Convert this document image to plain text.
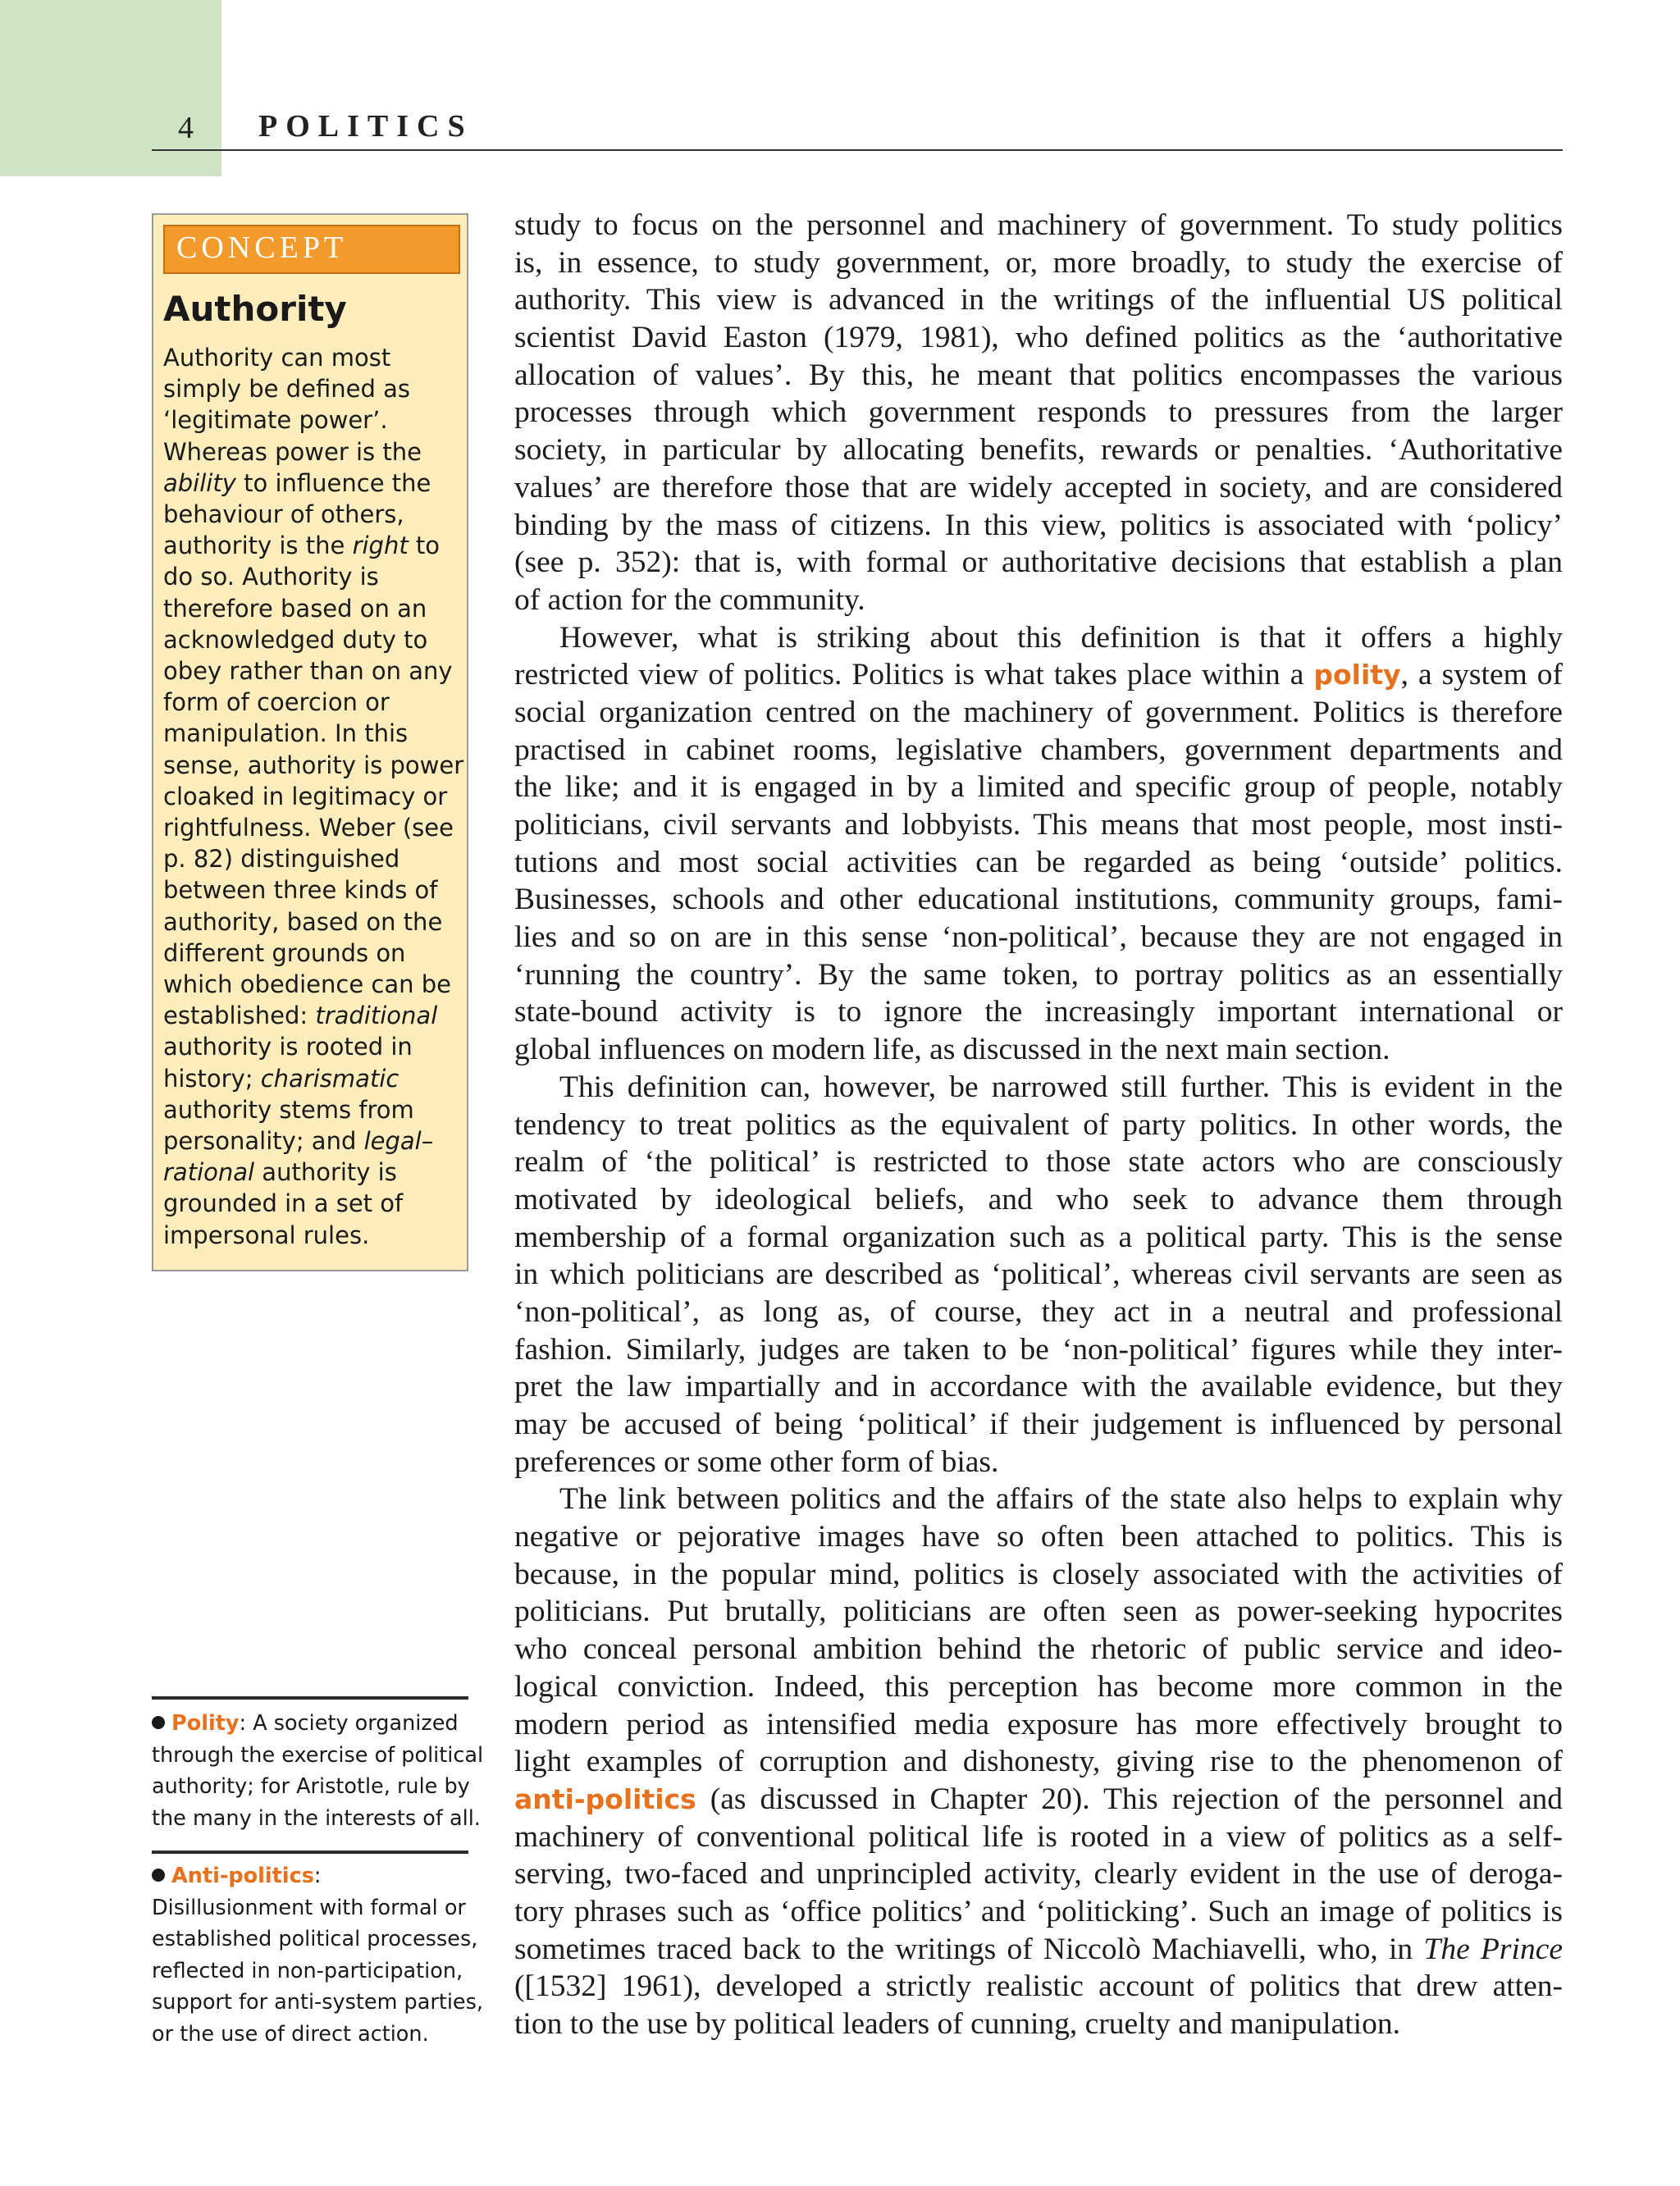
4 POLITICS
CONCEPT
Authority
Authority can most
simply be defined as
‘legitimate power’.
Whereas power is the
ability to influence the
behaviour of others,
authority is the right to
do so. Authority is
therefore based on an
acknowledged duty to
obey rather than on any
form of coercion or
manipulation. In this
sense, authority is power
cloaked in legitimacy or
rightfulness. Weber (see
p. 82) distinguished
between three kinds of
authority, based on the
different grounds on
which obedience can be
established: traditional
authority is rooted in
history; charismatic
authority stems from
personality; and legal–
rational authority is
grounded in a set of
impersonal rules.
Polity: A society organized
through the exercise of political
authority; for Aristotle, rule by
the many in the interests of all.
Anti-politics:
Disillusionment with formal or
established political processes,
reflected in non-participation,
support for anti-system parties,
or the use of direct action.
study to focus on the personnel and machinery of government. To study politics
is, in essence, to study government, or, more broadly, to study the exercise of
authority. This view is advanced in the writings of the influential US political
scientist David Easton (1979, 1981), who defined politics as the ‘authoritative
allocation of values’. By this, he meant that politics encompasses the various
processes through which government responds to pressures from the larger
society, in particular by allocating benefits, rewards or penalties. ‘Authoritative
values’ are therefore those that are widely accepted in society, and are considered
binding by the mass of citizens. In this view, politics is associated with ‘policy’
(see p. 352): that is, with formal or authoritative decisions that establish a plan
of action for the community.
However, what is striking about this definition is that it offers a highly
restricted view of politics. Politics is what takes place within a polity, a system of
social organization centred on the machinery of government. Politics is therefore
practised in cabinet rooms, legislative chambers, government departments and
the like; and it is engaged in by a limited and specific group of people, notably
politicians, civil servants and lobbyists. This means that most people, most insti-
tutions and most social activities can be regarded as being ‘outside’ politics.
Businesses, schools and other educational institutions, community groups, fami-
lies and so on are in this sense ‘non-political’, because they are not engaged in
‘running the country’. By the same token, to portray politics as an essentially
state-bound activity is to ignore the increasingly important international or
global influences on modern life, as discussed in the next main section.
This definition can, however, be narrowed still further. This is evident in the
tendency to treat politics as the equivalent of party politics. In other words, the
realm of ‘the political’ is restricted to those state actors who are consciously
motivated by ideological beliefs, and who seek to advance them through
membership of a formal organization such as a political party. This is the sense
in which politicians are described as ‘political’, whereas civil servants are seen as
‘non-political’, as long as, of course, they act in a neutral and professional
fashion. Similarly, judges are taken to be ‘non-political’ figures while they inter-
pret the law impartially and in accordance with the available evidence, but they
may be accused of being ‘political’ if their judgement is influenced by personal
preferences or some other form of bias.
The link between politics and the affairs of the state also helps to explain why
negative or pejorative images have so often been attached to politics. This is
because, in the popular mind, politics is closely associated with the activities of
politicians. Put brutally, politicians are often seen as power-seeking hypocrites
who conceal personal ambition behind the rhetoric of public service and ideo-
logical conviction. Indeed, this perception has become more common in the
modern period as intensified media exposure has more effectively brought to
light examples of corruption and dishonesty, giving rise to the phenomenon of
anti-politics (as discussed in Chapter 20). This rejection of the personnel and
machinery of conventional political life is rooted in a view of politics as a self-
serving, two-faced and unprincipled activity, clearly evident in the use of deroga-
tory phrases such as ‘office politics’ and ‘politicking’. Such an image of politics is
sometimes traced back to the writings of Niccolò Machiavelli, who, in The Prince
([1532] 1961), developed a strictly realistic account of politics that drew atten-
tion to the use by political leaders of cunning, cruelty and manipulation.
